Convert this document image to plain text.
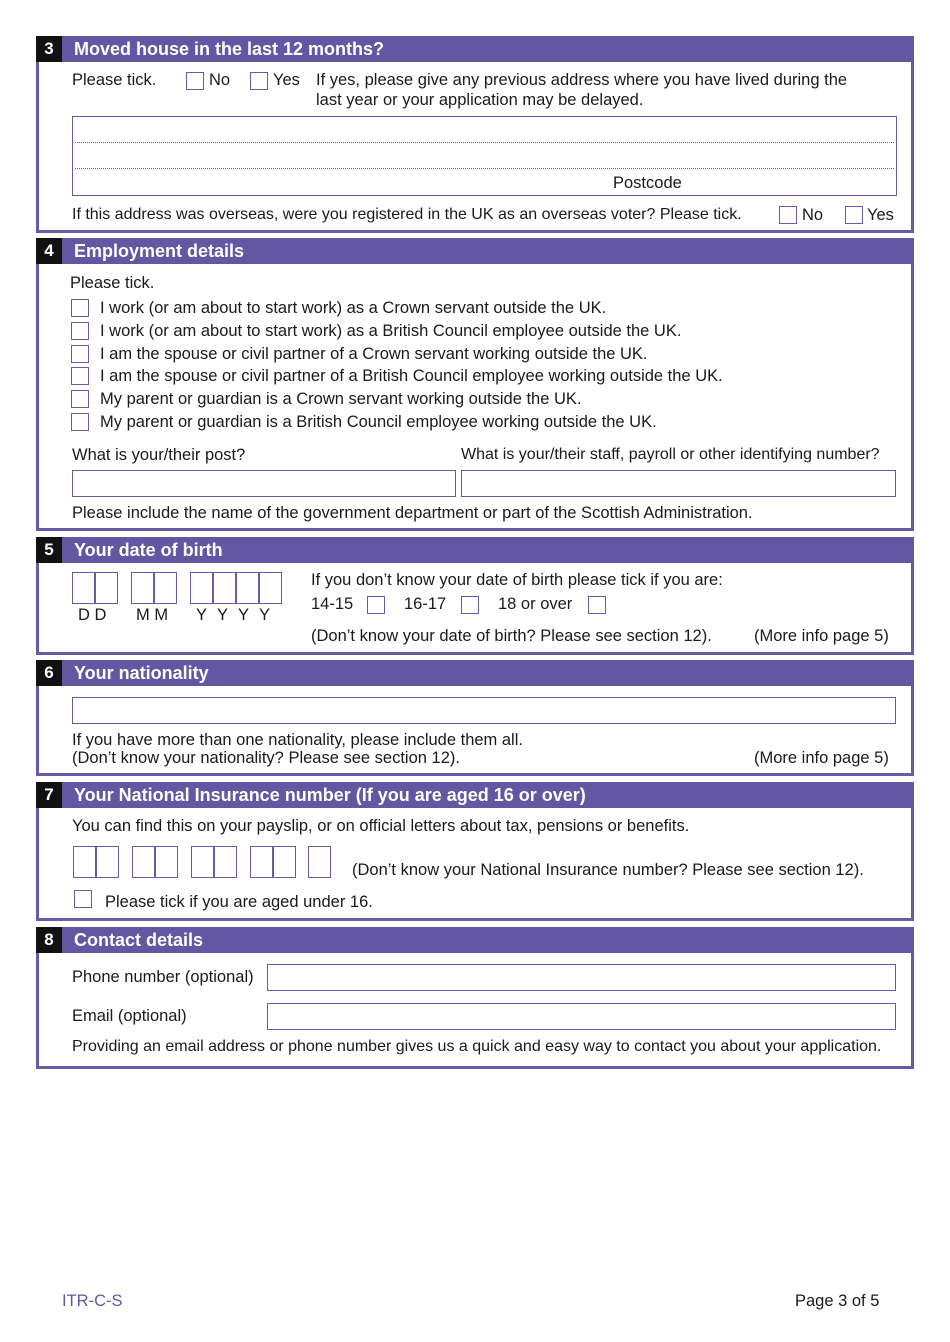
3	Moved house in the last 12 months?
Please tick.	No	Yes If yes, please give any previous address where you have lived during the
last year or your application may be delayed.
Postcode
If this address was overseas, were you registered in the UK as an overseas voter? Please tick.	No	Yes
4	Employment details
Please tick.
I work (or am about to start work) as a Crown servant outside the UK.
I work (or am about to start work) as a British Council employee outside the UK.
I am the spouse or civil partner of a Crown servant working outside the UK.
I am the spouse or civil partner of a British Council employee working outside the UK.
My parent or guardian is a Crown servant working outside the UK.
My parent or guardian is a British Council employee working outside the UK.
What is your/their post?	What is your/their staff, payroll or other identifying number?
Please include the name of the government department or part of the Scottish Administration.
5	Your date of birth
D D M M Y Y Y Y
If you don’t know your date of birth please tick if you are:
14-15	16-17	18 or over
(Don’t know your date of birth? Please see section 12).	(More info page 5)
6	Your nationality
If you have more than one nationality, please include them all.
(Don’t know your nationality? Please see section 12).	(More info page 5)
7	Your National Insurance number (If you are aged 16 or over)
You can find this on your payslip, or on official letters about tax, pensions or benefits.
(Don’t know your National Insurance number? Please see section 12).
Please tick if you are aged under 16.
8	Contact details
Phone number (optional)
Email (optional)
Providing an email address or phone number gives us a quick and easy way to contact you about your application.
ITR-C-S	Page 3 of 5
